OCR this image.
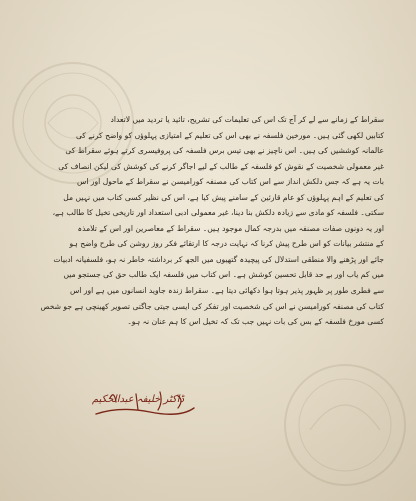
سقراط کے زمانے سے لے کر آج تک اس کی تعلیمات کی تشریح، تائید یا تردید میں لاتعداد
کتابیں لکھی گئی ہیں۔ مورخین فلسفہ نے بھی اس کی تعلیم کے امتیازی پہلوؤں کو واضح کرنے کی
عالمانہ کوششیں کی ہیں۔ اس ناچیز نے بھی تیس برس فلسفہ کی پروفیسری کرتے ہوئے سقراط کی
غیر معمولی شخصیت کے نقوش کو فلسفہ کے طالب کے لیے اجاگر کرنے کی کوشش کی لیکن انصاف کی
بات یہ ہے کہ جس دلکش انداز سے اس کتاب کی مصنفہ کورامیسن نے سقراط کے ماحول اور اس
کی تعلیم کے اہم پہلوؤں کو عام قارئین کے سامنے پیش کیا ہے، اس کی نظیر کسی کتاب میں نہیں مل
سکتی۔ فلسفہ کو مادی سے زیادہ دلکش بنا دینا، غیر معمولی ادبی استعداد اور تاریخی تخیل کا طالب ہے،
اور یہ دونوں صفات مصنفہ میں بدرجہ کمال موجود ہیں۔ سقراط کے معاصرین اور اس کے تلامذہ
کے منتشر بیانات کو اس طرح پیش کرنا کہ نہایت درجہ کا ارتقائے فکر روز روشن کی طرح واضح ہو
جائے اور پڑھنے والا منطقی استدلال کی پیچیدہ گتھیوں میں الجھ کر برداشتہ خاطر نہ ہو، فلسفیانہ ادبیات
میں کم یاب اور بے حد قابل تحسین کوشش ہے۔ اس کتاب میں فلسفہ ایک طالب حق کی جستجو میں
سے فطری طور پر ظہور پذیر ہوتا ہوا دکھائی دیتا ہے۔ سقراط زندہ جاوید انسانوں میں ہے اور اس
کتاب کی مصنفہ کورامیسن نے اس کی شخصیت اور تفکر کی ایسی جیتی جاگتی تصویر کھینچی ہے جو شخص
کسی مورخ فلسفہ کے بس کی بات نہیں جب تک کہ تخیل اس کا ہم عنان نہ ہو۔
ڈاکٹر خلیفہ عبدالحکیم
